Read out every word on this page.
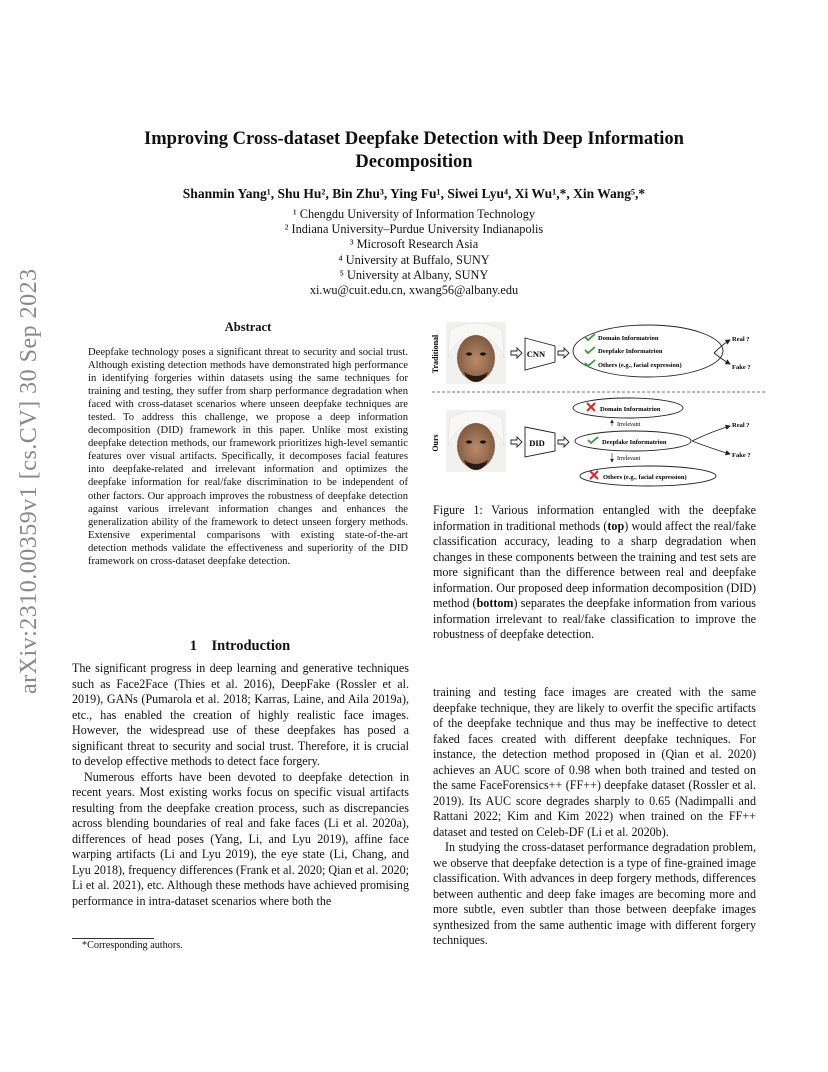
arXiv:2310.00359v1 [cs.CV] 30 Sep 2023
Improving Cross-dataset Deepfake Detection with Deep Information
Decomposition
Shanmin Yang¹, Shu Hu², Bin Zhu³, Ying Fu¹, Siwei Lyu⁴, Xi Wu¹,*, Xin Wang⁵,*
¹ Chengdu University of Information Technology
² Indiana University–Purdue University Indianapolis
³ Microsoft Research Asia
⁴ University at Buffalo, SUNY
⁵ University at Albany, SUNY
xi.wu@cuit.edu.cn, xwang56@albany.edu
Abstract
Deepfake technology poses a significant threat to security and social trust. Although existing detection methods have demonstrated high performance in identifying forgeries within datasets using the same techniques for training and testing, they suffer from sharp performance degradation when faced with cross-dataset scenarios where unseen deepfake techniques are tested. To address this challenge, we propose a deep information decomposition (DID) framework in this paper. Unlike most existing deepfake detection methods, our framework prioritizes high-level semantic features over visual artifacts. Specifically, it decomposes facial features into deepfake-related and irrelevant information and optimizes the deepfake information for real/fake discrimination to be independent of other factors. Our approach improves the robustness of deepfake detection against various irrelevant information changes and enhances the generalization ability of the framework to detect unseen forgery methods. Extensive experimental comparisons with existing state-of-the-art detection methods validate the effectiveness and superiority of the DID framework on cross-dataset deepfake detection.
1    Introduction

The significant progress in deep learning and generative techniques such as Face2Face (Thies et al. 2016), DeepFake (Rossler et al. 2019), GANs (Pumarola et al. 2018; Karras, Laine, and Aila 2019a), etc., has enabled the creation of highly realistic face images. However, the widespread use of these deepfakes has posed a significant threat to security and social trust. Therefore, it is crucial to develop effective methods to detect face forgery.

Numerous efforts have been devoted to deepfake detection in recent years. Most existing works focus on specific visual artifacts resulting from the deepfake creation process, such as discrepancies across blending boundaries of real and fake faces (Li et al. 2020a), differences of head poses (Yang, Li, and Lyu 2019), affine face warping artifacts (Li and Lyu 2019), the eye state (Li, Chang, and Lyu 2018), frequency differences (Frank et al. 2020; Qian et al. 2020; Li et al. 2021), etc. Although these methods have achieved promising performance in intra-dataset scenarios where both the

*Corresponding authors.
Traditional
Ours
CNN
Domain Informatrion
Deepfake Informatrion
Others (e.g., facial expression)
Real ?
Fake ?
DID
Domain Informatrion
Irrelevant
Deepfake Informatrion
Irrelevant
Others (e.g., facial expression)
Real ?
Fake ?
Figure 1: Various information entangled with the deepfake information in traditional methods (top) would affect the real/fake classification accuracy, leading to a sharp degradation when changes in these components between the training and test sets are more significant than the difference between real and deepfake information. Our proposed deep information decomposition (DID) method (bottom) separates the deepfake information from various information irrelevant to real/fake classification to improve the robustness of deepfake detection.

training and testing face images are created with the same deepfake technique, they are likely to overfit the specific artifacts of the deepfake technique and thus may be ineffective to detect faked faces created with different deepfake techniques. For instance, the detection method proposed in (Qian et al. 2020) achieves an AUC score of 0.98 when both trained and tested on the same FaceForensics++ (FF++) deepfake dataset (Rossler et al. 2019). Its AUC score degrades sharply to 0.65 (Nadimpalli and Rattani 2022; Kim and Kim 2022) when trained on the FF++ dataset and tested on Celeb-DF (Li et al. 2020b).

In studying the cross-dataset performance degradation problem, we observe that deepfake detection is a type of fine-grained image classification. With advances in deep forgery methods, differences between authentic and deep fake images are becoming more and more subtle, even subtler than those between deepfake images synthesized from the same authentic image with different forgery techniques.
